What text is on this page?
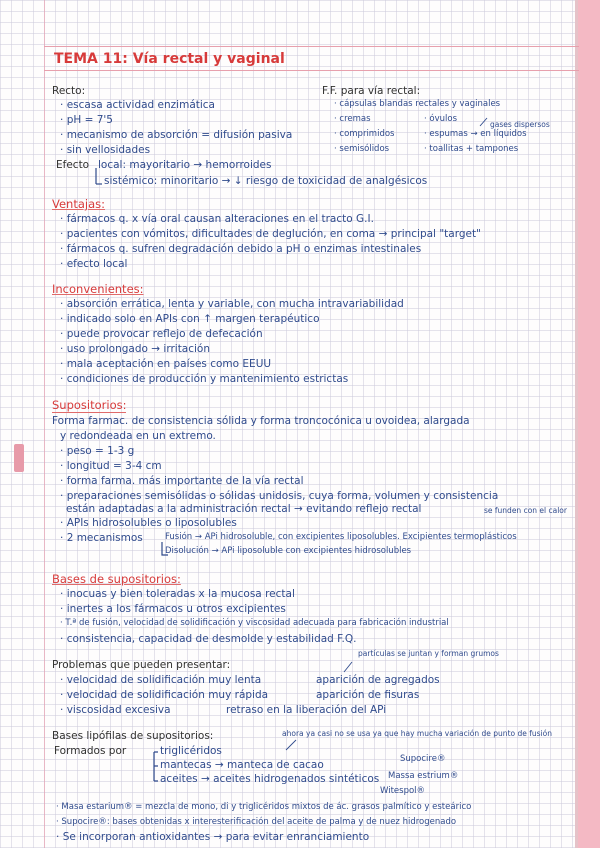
TEMA 11: Vía rectal y vaginal
Recto:
· escasa actividad enzimática
· pH = 7'5
· mecanismo de absorción = difusión pasiva
· sin vellosidades
Efecto local: mayoritario → hemorroides
sistémico: minoritario → ↓ riesgo de toxicidad de analgésicos
F.F. para vía rectal:
· cápsulas blandas rectales y vaginales
· cremas
· comprimidos
· semisólidos
· óvulos
· espumas → en líquidos
· toallitas + tampones
gases dispersos
Ventajas:
· fármacos q. x vía oral causan alteraciones en el tracto G.I.
· pacientes con vómitos, dificultades de deglución, en coma → principal "target"
· fármacos q. sufren degradación debido a pH o enzimas intestinales
· efecto local
Inconvenientes:
· absorción errática, lenta y variable, con mucha intravariabilidad
· indicado solo en APIs con ↑ margen terapéutico
· puede provocar reflejo de defecación
· uso prolongado → irritación
· mala aceptación en países como EEUU
· condiciones de producción y mantenimiento estrictas
Supositorios:
Forma farmac. de consistencia sólida y forma troncocónica u ovoidea, alargada
y redondeada en un extremo.
· peso = 1-3 g
· longitud = 3-4 cm
· forma farma. más importante de la vía rectal
· preparaciones semisólidas o sólidas unidosis, cuya forma, volumen y consistencia
están adaptadas a la administración rectal → evitando reflejo rectal
· APIs hidrosolubles o liposolubles
· 2 mecanismos	Fusión → APi hidrosoluble, con excipientes liposolubles. Excipientes termoplásticos
Disolución → APi liposoluble con excipientes hidrosolubles
se funden con el calor
Bases de supositorios:
· inocuas y bien toleradas x la mucosa rectal
· inertes a los fármacos u otros excipientes
· T.ª de fusión, velocidad de solidificación y viscosidad adecuada para fabricación industrial
· consistencia, capacidad de desmolde y estabilidad F.Q.
Problemas que pueden presentar:
partículas se juntan y forman grumos
· velocidad de solidificación muy lenta	aparición de agregados
· velocidad de solidificación muy rápida	aparición de fisuras
· viscosidad excesiva	retraso en la liberación del APi
Bases lipófilas de supositorios:	ahora ya casi no se usa ya que hay mucha variación de punto de fusión
Formados por	triglicéridos
mantecas → manteca de cacao
aceites → aceites hidrogenados sintéticos
Supocire®
Massa estrium®
Witespol®
· Masa estarium® = mezcla de mono, di y triglicéridos mixtos de ác. grasos palmítico y esteárico
· Supocire®: bases obtenidas x interesterificación del aceite de palma y de nuez hidrogenado
· Se incorporan antioxidantes → para evitar enranciamiento
